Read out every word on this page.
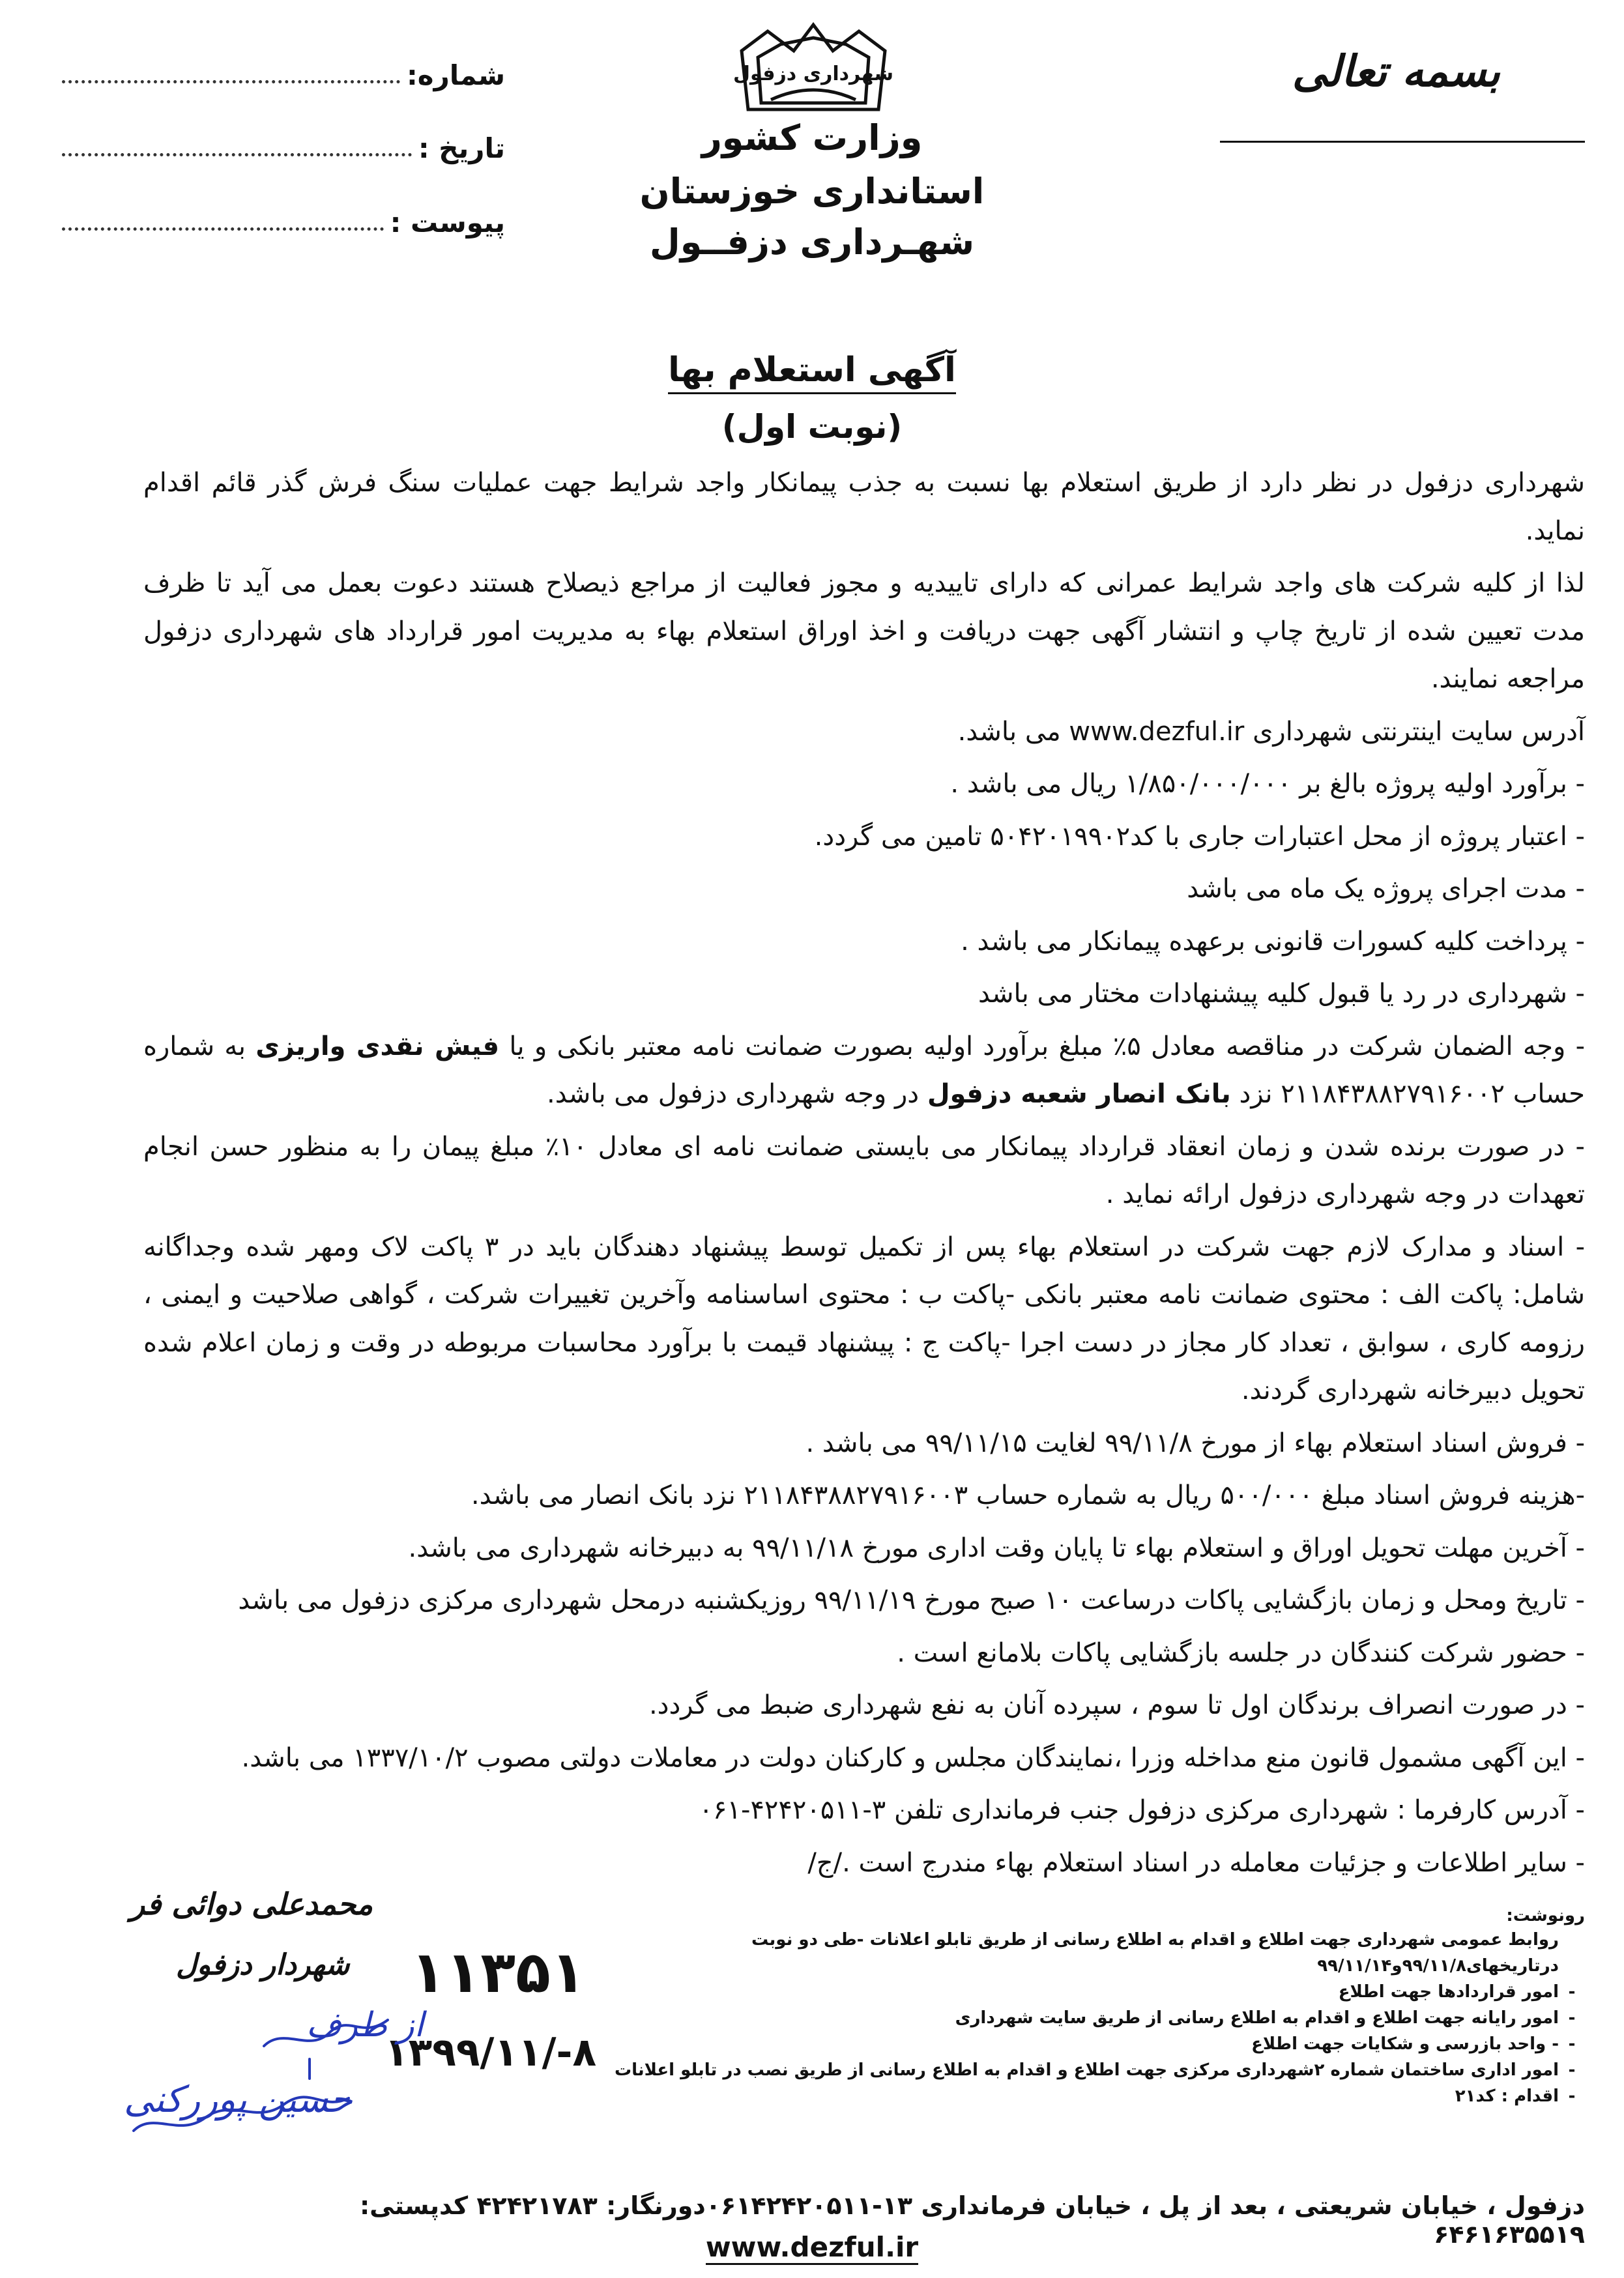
بسمه تعالی
شهرداری دزفول
وزارت کشور
استانداری خوزستان
شهـرداری دزفــول
شماره:
تاریخ :
پیوست :
آگهی استعلام بها
(نوبت اول)

شهرداری دزفول در نظر دارد از طریق استعلام بها نسبت به جذب پیمانکار واجد شرایط جهت عملیات سنگ فرش گذر قائم اقدام نماید.

لذا از کلیه شرکت های واجد شرایط عمرانی که دارای تاییدیه و مجوز فعالیت از مراجع ذیصلاح هستند دعوت بعمل می آید تا ظرف مدت تعیین شده از تاریخ چاپ و انتشار آگهی جهت دریافت و اخذ اوراق استعلام بهاء به مدیریت امور قرارداد های شهرداری دزفول مراجعه نمایند.

آدرس سایت اینترنتی شهرداری www.dezful.ir می باشد.

- برآورد اولیه پروژه بالغ بر ۱/۸۵۰/۰۰۰/۰۰۰ ریال می باشد .

- اعتبار پروژه از محل اعتبارات جاری با کد۵۰۴۲۰۱۹۹۰۲ تامین می گردد.

- مدت اجرای پروژه یک ماه می باشد

- پرداخت کلیه کسورات قانونی برعهده پیمانکار می باشد .

- شهرداری در رد یا قبول کلیه پیشنهادات مختار می باشد

- وجه الضمان شرکت در مناقصه معادل ۵٪ مبلغ برآورد اولیه بصورت ضمانت نامه معتبر بانکی و یا فیش نقدی واریزی به شماره حساب ۲۱۱۸۴۳۸۸۲۷۹۱۶۰۰۲ نزد بانک انصار شعبه دزفول در وجه شهرداری دزفول می باشد.

- در صورت برنده شدن و زمان انعقاد قرارداد پیمانکار می بایستی ضمانت نامه ای معادل ۱۰٪ مبلغ پیمان را به منظور حسن انجام تعهدات در وجه شهرداری دزفول ارائه نماید .

- اسناد و مدارک لازم جهت شرکت در استعلام بهاء پس از تکمیل توسط پیشنهاد دهندگان باید در ۳ پاکت لاک ومهر شده وجداگانه شامل: پاکت الف : محتوی ضمانت نامه معتبر بانکی -پاکت ب : محتوی اساسنامه وآخرین تغییرات شرکت ، گواهی صلاحیت و ایمنی ، رزومه کاری ، سوابق ، تعداد کار مجاز در دست اجرا -پاکت ج : پیشنهاد قیمت با برآورد محاسبات مربوطه در وقت و زمان اعلام شده تحویل دبیرخانه شهرداری گردند.

- فروش اسناد استعلام بهاء از مورخ ۹۹/۱۱/۸ لغایت ۹۹/۱۱/۱۵ می باشد .

-هزینه فروش اسناد مبلغ ۵۰۰/۰۰۰ ریال به شماره حساب ۲۱۱۸۴۳۸۸۲۷۹۱۶۰۰۳ نزد بانک انصار می باشد.

- آخرین مهلت تحویل اوراق و استعلام بهاء تا پایان وقت اداری مورخ ۹۹/۱۱/۱۸ به دبیرخانه شهرداری می باشد.

- تاریخ ومحل و زمان بازگشایی پاکات درساعت ۱۰ صبح مورخ ۹۹/۱۱/۱۹ روزیکشنبه درمحل شهرداری مرکزی دزفول می باشد

- حضور شرکت کنندگان در جلسه بازگشایی پاکات بلامانع است .

- در صورت انصراف برندگان اول تا سوم ، سپرده آنان به نفع شهرداری ضبط می گردد.

- این آگهی مشمول قانون منع مداخله وزرا ،نمایندگان مجلس و کارکنان دولت در معاملات دولتی مصوب ۱۳۳۷/۱۰/۲ می باشد.

- آدرس کارفرما : شهرداری مرکزی دزفول جنب فرمانداری تلفن ۳-۴۲۴۲۰۵۱۱-۰۶۱

- سایر اطلاعات و جزئیات معامله در اسناد استعلام بهاء مندرج است ./ج/

محمدعلی دوائی فر
شهردار دزفول ۱۱۳۵۱
۱۳۹۹/۱۱/-۸
از طرف
حسین پوررکنی
رونوشت:
روابط عمومی شهرداری جهت اطلاع و اقدام به اطلاع رسانی از طریق تابلو اعلانات -طی دو نوبت درتاریخهای۹۹/۱۱/۸و۹۹/۱۱/۱۴
-
امور قراردادها جهت اطلاع
-
امور رایانه جهت اطلاع و اقدام به اطلاع رسانی از طریق سایت شهرداری
-
- واحد بازرسی و شکایات جهت اطلاع
-
امور اداری ساختمان شماره ۲شهرداری مرکزی جهت اطلاع و اقدام به اطلاع رسانی از طریق نصب در تابلو اعلانات
-
اقدام : کد۲۱
دزفول ، خیابان شریعتی ، بعد از پل ، خیابان فرمانداری ۱۳-۰۶۱۴۲۴۲۰۵۱۱دورنگار: ۴۲۴۲۱۷۸۳ کدپستی: ۶۴۶۱۶۳۵۵۱۹
www.dezful.ir
